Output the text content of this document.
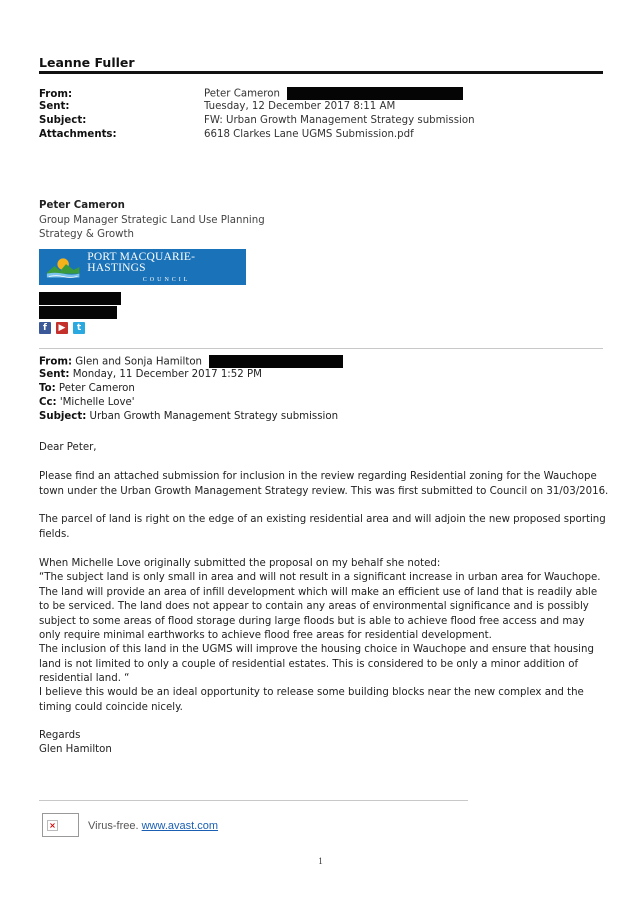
Leanne Fuller
From:	Peter Cameron
Sent:	Tuesday, 12 December 2017 8:11 AM
Subject:	FW: Urban Growth Management Strategy submission
Attachments:	6618 Clarkes Lane UGMS Submission.pdf
Peter Cameron
Group Manager Strategic Land Use Planning
Strategy & Growth
PORT MACQUARIE-HASTINGS
COUNCIL
f	▶	t
From: Glen and Sonja Hamilton
Sent: Monday, 11 December 2017 1:52 PM
To: Peter Cameron
Cc: 'Michelle Love'
Subject: Urban Growth Management Strategy submission
Dear Peter,
Please find an attached submission for inclusion in the review regarding Residential zoning for the Wauchope town under the Urban Growth Management Strategy review. This was first submitted to Council on 31/03/2016.
The parcel of land is right on the edge of an existing residential area and will adjoin the new proposed sporting fields.
When Michelle Love originally submitted the proposal on my behalf she noted:
“The subject land is only small in area and will not result in a significant increase in urban area for Wauchope. The land will provide an area of infill development which will make an efficient use of land that is readily able to be serviced. The land does not appear to contain any areas of environmental significance and is possibly subject to some areas of flood storage during large floods but is able to achieve flood free access and may only require minimal earthworks to achieve flood free areas for residential development.
The inclusion of this land in the UGMS will improve the housing choice in Wauchope and ensure that housing land is not limited to only a couple of residential estates. This is considered to be only a minor addition of residential land. “
I believe this would be an ideal opportunity to release some building blocks near the new complex and the timing could coincide nicely.
Regards
Glen Hamilton
×	Virus-free. www.avast.com
1
